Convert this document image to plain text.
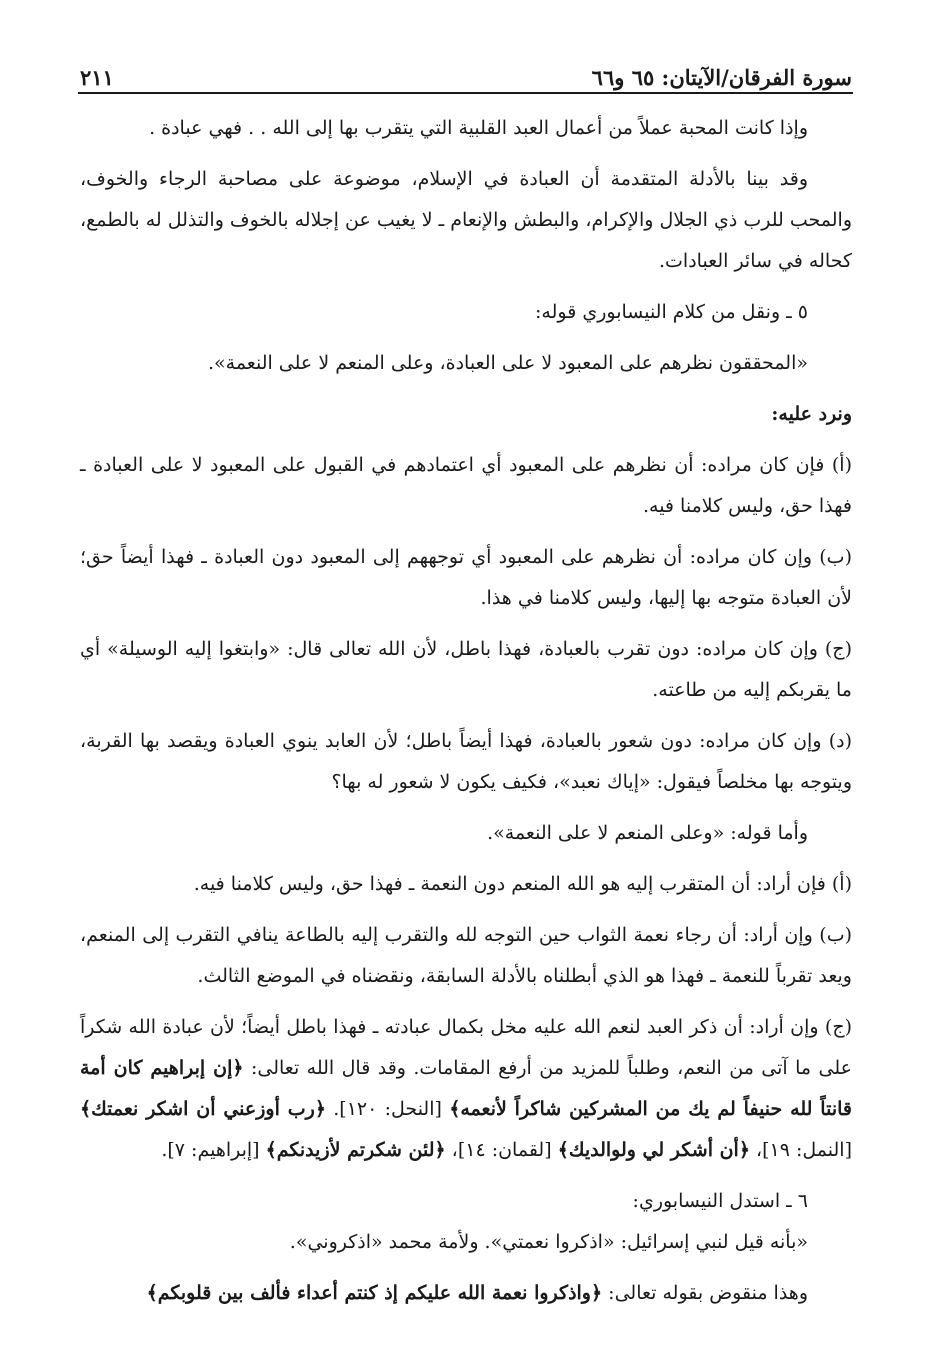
سورة الفرقان/الآيتان: ٦٥ و٦٦
٢١١

وإذا كانت المحبة عملاً من أعمال العبد القلبية التي يتقرب بها إلى الله . . فهي عبادة .

وقد بينا بالأدلة المتقدمة أن العبادة في الإسلام، موضوعة على مصاحبة الرجاء والخوف، والمحب للرب ذي الجلال والإكرام، والبطش والإنعام ـ لا يغيب عن إجلاله بالخوف والتذلل له بالطمع، كحاله في سائر العبادات.

٥ ـ ونقل من كلام النيسابوري قوله:

«المحققون نظرهم على المعبود لا على العبادة، وعلى المنعم لا على النعمة».

ونرد عليه:

(أ) فإن كان مراده: أن نظرهم على المعبود أي اعتمادهم في القبول على المعبود لا على العبادة ـ فهذا حق، وليس كلامنا فيه.

(ب) وإن كان مراده: أن نظرهم على المعبود أي توجههم إلى المعبود دون العبادة ـ فهذا أيضاً حق؛ لأن العبادة متوجه بها إليها، وليس كلامنا في هذا.

(ج) وإن كان مراده: دون تقرب بالعبادة، فهذا باطل، لأن الله تعالى قال: «وابتغوا إليه الوسيلة» أي ما يقربكم إليه من طاعته.

(د) وإن كان مراده: دون شعور بالعبادة، فهذا أيضاً باطل؛ لأن العابد ينوي العبادة ويقصد بها القربة، ويتوجه بها مخلصاً فيقول: «إياك نعبد»، فكيف يكون لا شعور له بها؟

وأما قوله: «وعلى المنعم لا على النعمة».

(أ) فإن أراد: أن المتقرب إليه هو الله المنعم دون النعمة ـ فهذا حق، وليس كلامنا فيه.

(ب) وإن أراد: أن رجاء نعمة الثواب حين التوجه لله والتقرب إليه بالطاعة ينافي التقرب إلى المنعم، ويعد تقرباً للنعمة ـ فهذا هو الذي أبطلناه بالأدلة السابقة، ونقضناه في الموضع الثالث.

(ج) وإن أراد: أن ذكر العبد لنعم الله عليه مخل بكمال عبادته ـ فهذا باطل أيضاً؛ لأن عبادة الله شكراً على ما آتى من النعم، وطلباً للمزيد من أرفع المقامات. وقد قال الله تعالى: ﴿إن إبراهيم كان أمة قانتاً لله حنيفاً لم يك من المشركين شاكراً لأنعمه﴾ [النحل: ١٢٠]. ﴿رب أوزعني أن اشكر نعمتك﴾ [النمل: ١٩]، ﴿أن أشكر لي ولوالديك﴾ [لقمان: ١٤]، ﴿لئن شكرتم لأزيدنكم﴾ [إبراهيم: ٧].

٦ ـ استدل النيسابوري:

«بأنه قيل لنبي إسرائيل: «اذكروا نعمتي». ولأمة محمد «اذكروني».

وهذا منقوض بقوله تعالى: ﴿واذكروا نعمة الله عليكم إذ كنتم أعداء فألف بين قلوبكم﴾
